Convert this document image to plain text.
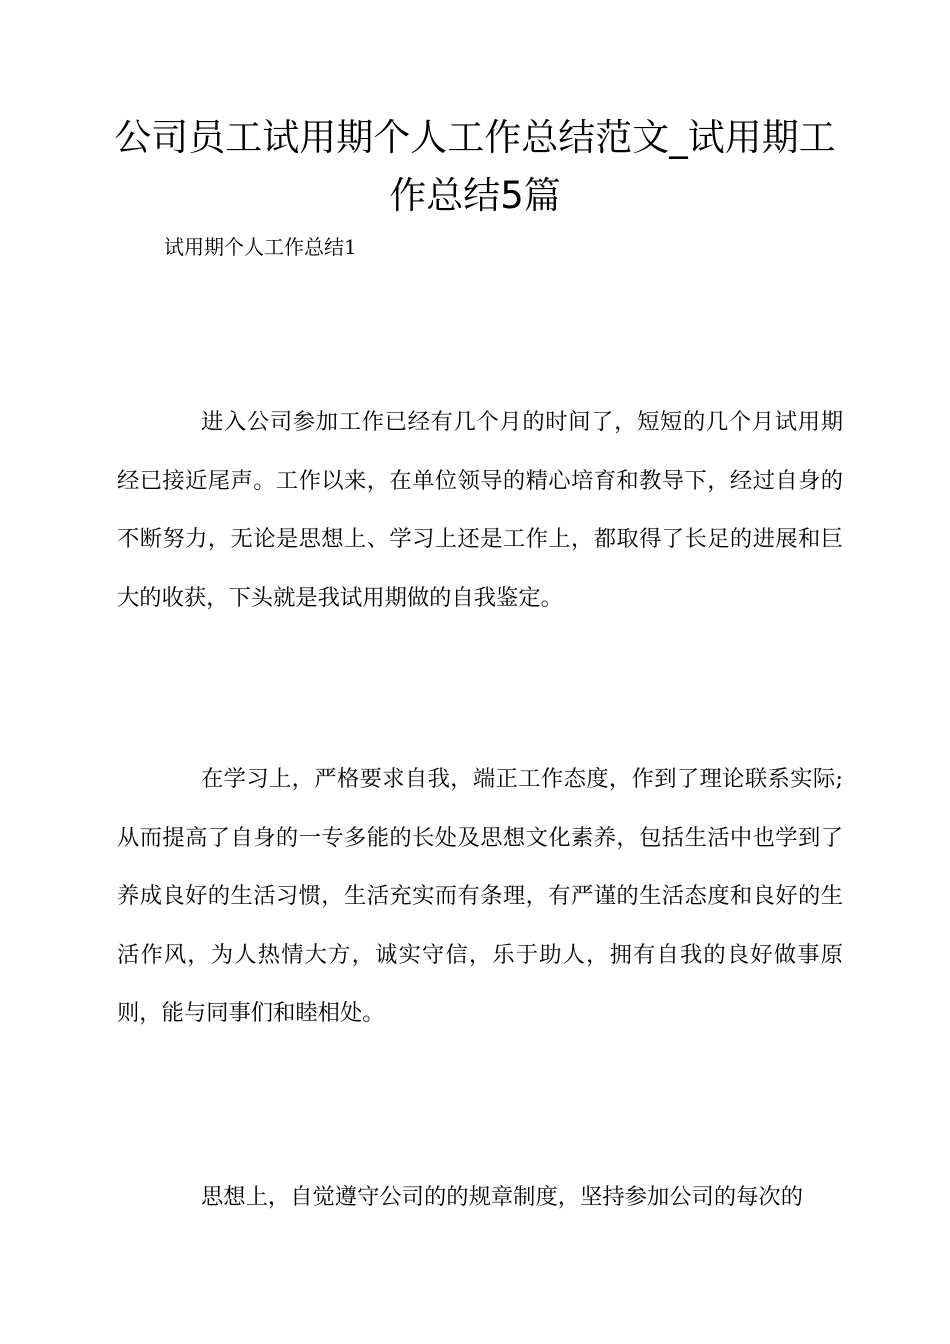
公司员工试用期个人工作总结范文_试用期工作总结5篇
试用期个人工作总结1

进入公司参加工作已经有几个月的时间了，短短的几个月试用期经已接近尾声。工作以来，在单位领导的精心培育和教导下，经过自身的不断努力，无论是思想上、学习上还是工作上，都取得了长足的进展和巨大的收获，下头就是我试用期做的自我鉴定。

在学习上，严格要求自我，端正工作态度，作到了理论联系实际;从而提高了自身的一专多能的长处及思想文化素养，包括生活中也学到了养成良好的生活习惯，生活充实而有条理，有严谨的生活态度和良好的生活作风，为人热情大方，诚实守信，乐于助人，拥有自我的良好做事原则，能与同事们和睦相处。

思想上，自觉遵守公司的的规章制度，坚持参加公司的每次的
